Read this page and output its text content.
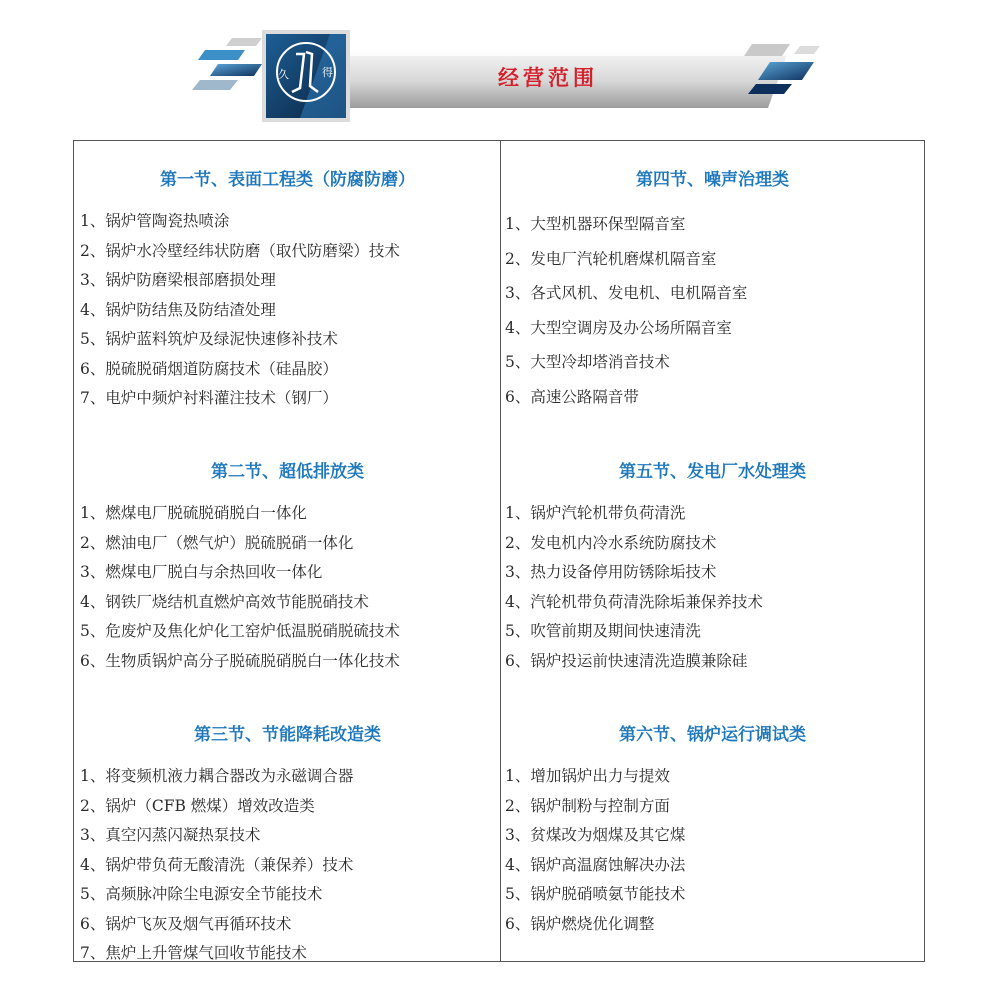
久	得	经营范围
第一节、表面工程类（防腐防磨）
1、锅炉管陶瓷热喷涂
2、锅炉水冷壁经纬状防磨（取代防磨梁）技术
3、锅炉防磨梁根部磨损处理
4、锅炉防结焦及防结渣处理
5、锅炉蓝料筑炉及绿泥快速修补技术
6、脱硫脱硝烟道防腐技术（硅晶胶）
7、电炉中频炉衬料灌注技术（钢厂）
第二节、超低排放类
1、燃煤电厂脱硫脱硝脱白一体化
2、燃油电厂（燃气炉）脱硫脱硝一体化
3、燃煤电厂脱白与余热回收一体化
4、钢铁厂烧结机直燃炉高效节能脱硝技术
5、危废炉及焦化炉化工窑炉低温脱硝脱硫技术
6、生物质锅炉高分子脱硫脱硝脱白一体化技术
第三节、节能降耗改造类
1、将变频机液力耦合器改为永磁调合器
2、锅炉（CFB 燃煤）增效改造类
3、真空闪蒸闪凝热泵技术
4、锅炉带负荷无酸清洗（兼保养）技术
5、高频脉冲除尘电源安全节能技术
6、锅炉飞灰及烟气再循环技术
7、焦炉上升管煤气回收节能技术
第四节、噪声治理类
1、大型机器环保型隔音室
2、发电厂汽轮机磨煤机隔音室
3、各式风机、发电机、电机隔音室
4、大型空调房及办公场所隔音室
5、大型冷却塔消音技术
6、高速公路隔音带
第五节、发电厂水处理类
1、锅炉汽轮机带负荷清洗
2、发电机内冷水系统防腐技术
3、热力设备停用防锈除垢技术
4、汽轮机带负荷清洗除垢兼保养技术
5、吹管前期及期间快速清洗
6、锅炉投运前快速清洗造膜兼除硅
第六节、锅炉运行调试类
1、增加锅炉出力与提效
2、锅炉制粉与控制方面
3、贫煤改为烟煤及其它煤
4、锅炉高温腐蚀解决办法
5、锅炉脱硝喷氨节能技术
6、锅炉燃烧优化调整
